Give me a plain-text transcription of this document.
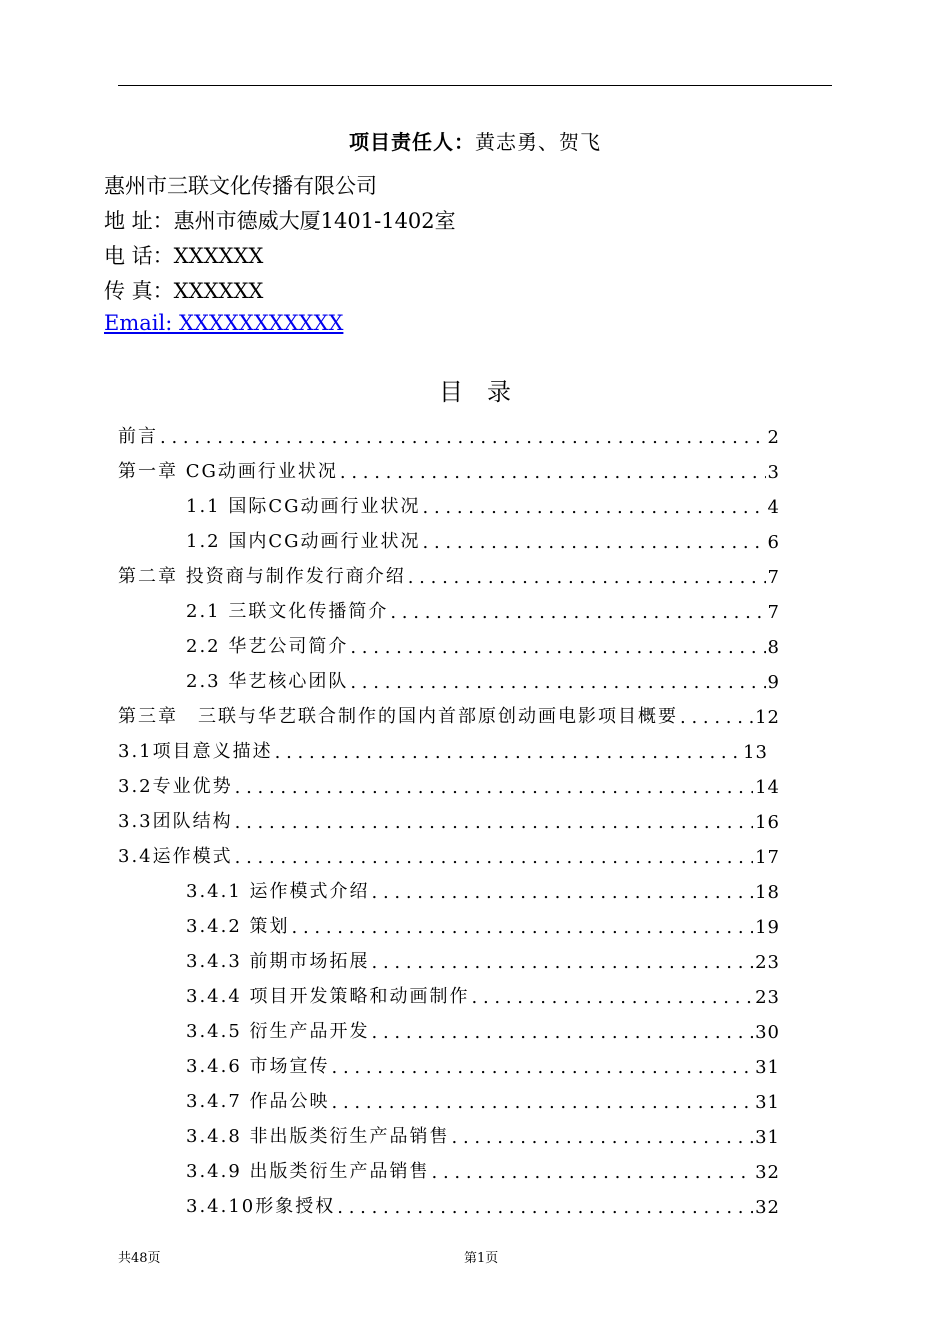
项目责任人：黄志勇、贺飞
惠州市三联文化传播有限公司
地 址：惠州市德威大厦1401-1402室
电 话：XXXXXX
传 真：XXXXXX
Email: XXXXXXXXXXX
目录
前言 . . .	2
第一章 CG动画行业状况 . . .	3
1.1 国际CG动画行业状况 . . .	4
1.2 国内CG动画行业状况 . . .	6
第二章 投资商与制作发行商介绍 . . .	7
2.1 三联文化传播简介 . . .	7
2.2 华艺公司简介 . . .	8
2.3 华艺核心团队 . . .	9
第三章　三联与华艺联合制作的国内首部原创动画电影项目概要 . . .	12
3.1项目意义描述 . . .	13
3.2专业优势 . . .	14
3.3团队结构 . . .	16
3.4运作模式 . . .	17
3.4.1 运作模式介绍 . . .	18
3.4.2 策划 . . .	19
3.4.3 前期市场拓展 . . .	23
3.4.4 项目开发策略和动画制作 . . .	23
3.4.5 衍生产品开发 . . .	30
3.4.6 市场宣传 . . .	31
3.4.7 作品公映 . . .	31
3.4.8 非出版类衍生产品销售 . . .	31
3.4.9 出版类衍生产品销售 . . .	32
3.4.10形象授权 . . .	32
共48页	第1页
